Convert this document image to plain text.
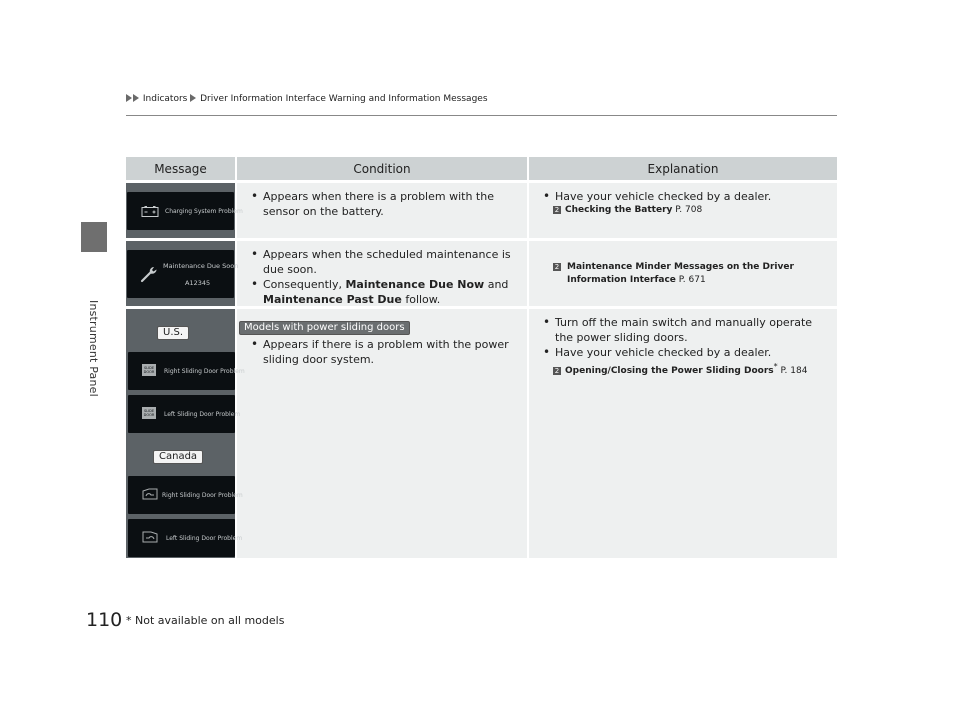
Instrument Panel
Indicators Driver Information Interface Warning and Information Messages
Message	Condition	Explanation
Charging System Problem
• Appears when there is a problem with the sensor on the battery.
• Have your vehicle checked by a dealer.
2 Checking the Battery P. 708
Maintenance Due Soon
A12345
• Appears when the scheduled maintenance is due soon.
• Consequently, Maintenance Due Now and
Maintenance Past Due follow.
2 Maintenance Minder Messages on the Driver Information Interface P. 671
U.S.
SLIDE DOOR Right Sliding Door Problem
SLIDE DOOR Left Sliding Door Problem
Canada
Right Sliding Door Problem
Left Sliding Door Problem
Models with power sliding doors
• Appears if there is a problem with the power sliding door system.
• Turn off the main switch and manually operate the power sliding doors.
• Have your vehicle checked by a dealer.
2 Opening/Closing the Power Sliding Doors* P. 184
110 * Not available on all models
